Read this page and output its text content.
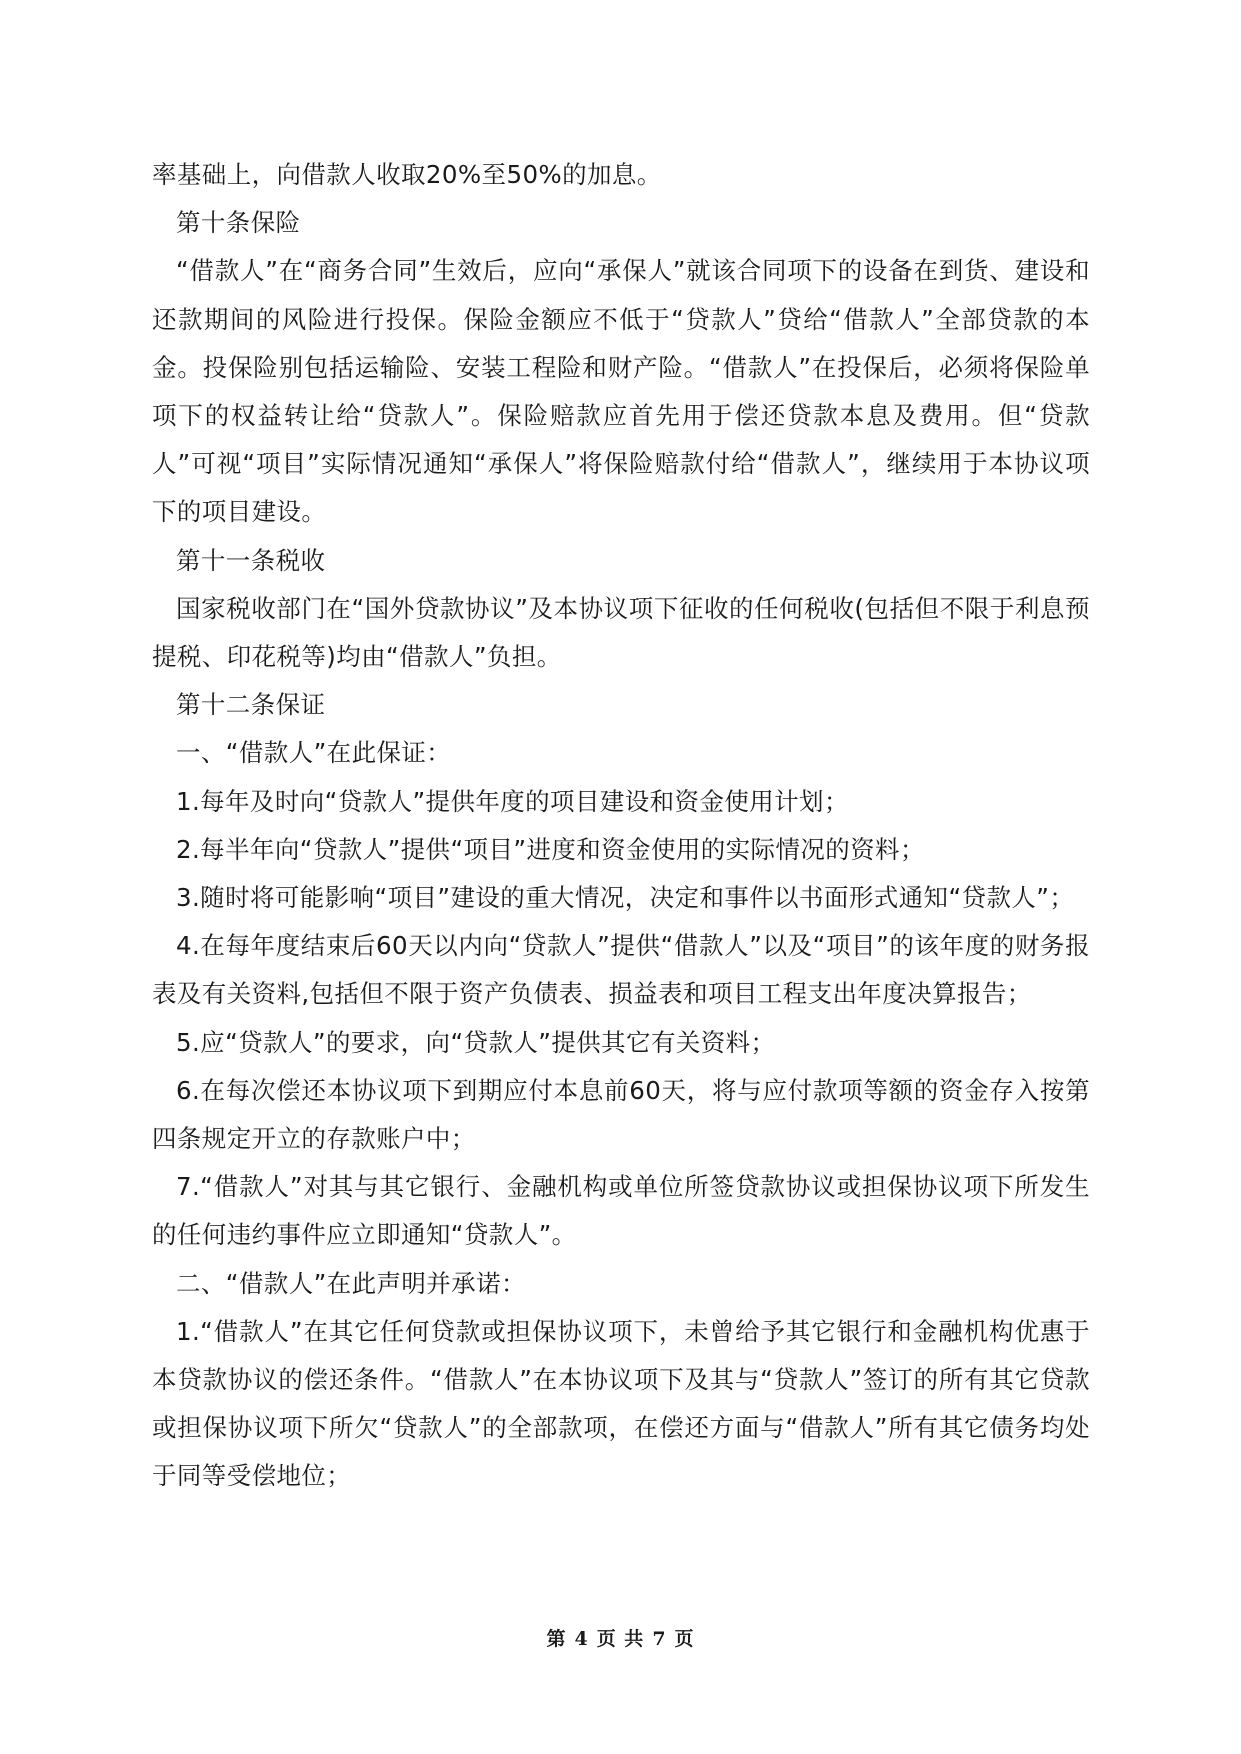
率基础上，向借款人收取20%至50%的加息。

第十条保险

“借款人”在“商务合同”生效后，应向“承保人”就该合同项下的设备在到货、建设和还款期间的风险进行投保。保险金额应不低于“贷款人”贷给“借款人”全部贷款的本金。投保险别包括运输险、安装工程险和财产险。“借款人”在投保后，必须将保险单项下的权益转让给“贷款人”。保险赔款应首先用于偿还贷款本息及费用。但“贷款人”可视“项目”实际情况通知“承保人”将保险赔款付给“借款人”，继续用于本协议项下的项目建设。

第十一条税收

国家税收部门在“国外贷款协议”及本协议项下征收的任何税收(包括但不限于利息预提税、印花税等)均由“借款人”负担。

第十二条保证

一、“借款人”在此保证：

1.每年及时向“贷款人”提供年度的项目建设和资金使用计划；

2.每半年向“贷款人”提供“项目”进度和资金使用的实际情况的资料；

3.随时将可能影响“项目”建设的重大情况，决定和事件以书面形式通知“贷款人”；

4.在每年度结束后60天以内向“贷款人”提供“借款人”以及“项目”的该年度的财务报表及有关资料,包括但不限于资产负债表、损益表和项目工程支出年度决算报告；

5.应“贷款人”的要求，向“贷款人”提供其它有关资料；

6.在每次偿还本协议项下到期应付本息前60天，将与应付款项等额的资金存入按第四条规定开立的存款账户中；

7.“借款人”对其与其它银行、金融机构或单位所签贷款协议或担保协议项下所发生的任何违约事件应立即通知“贷款人”。

二、“借款人”在此声明并承诺：

1.“借款人”在其它任何贷款或担保协议项下，未曾给予其它银行和金融机构优惠于本贷款协议的偿还条件。“借款人”在本协议项下及其与“贷款人”签订的所有其它贷款或担保协议项下所欠“贷款人”的全部款项，在偿还方面与“借款人”所有其它债务均处于同等受偿地位；

第 4 页 共 7 页
